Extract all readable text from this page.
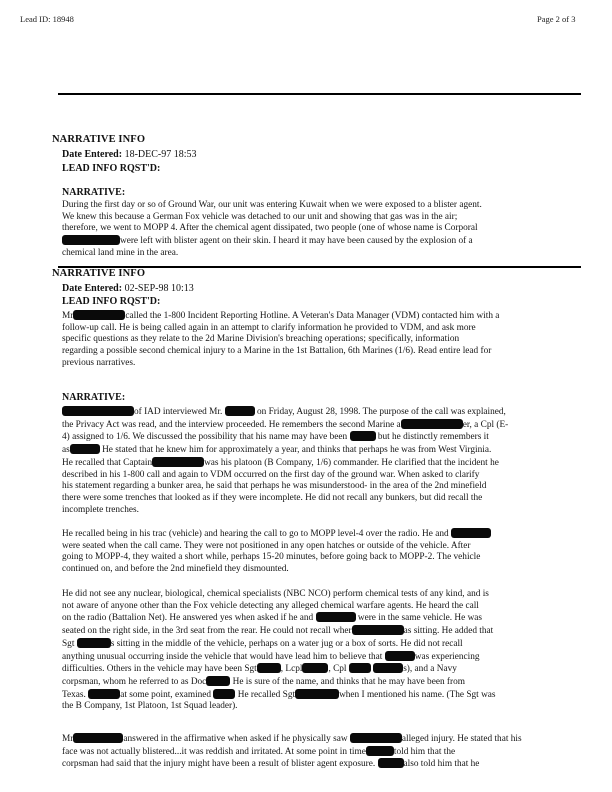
Lead ID: 18948	Page 2 of 3
NARRATIVE INFO
Date Entered: 18-DEC-97 18:53
LEAD INFO RQST'D:
NARRATIVE:

During the first day or so of Ground War, our unit was entering Kuwait when we were exposed to a blister agent.

We knew this because a German Fox vehicle was detached to our unit and showing that gas was in the air;

therefore, we went to MOPP 4. After the chemical agent dissipated, two people (one of whose name is Corporal

were left with blister agent on their skin. I heard it may have been caused by the explosion of a

chemical land mine in the area.

NARRATIVE INFO
Date Entered: 02-SEP-98 10:13
LEAD INFO RQST'D:

Mr	called the 1-800 Incident Reporting Hotline. A Veteran's Data Manager (VDM) contacted him with a

follow-up call. He is being called again in an attempt to clarify information he provided to VDM, and ask more

specific questions as they relate to the 2d Marine Division's breaching operations; specifically, information

regarding a possible second chemical injury to a Marine in the 1st Battalion, 6th Marines (1/6). Read entire lead for

previous narratives.

NARRATIVE:

of IAD interviewed Mr.	on Friday, August 28, 1998. The purpose of the call was explained,

the Privacy Act was read, and the interview proceeded. He remembers the second Marine a	er, a Cpl (E-

4) assigned to 1/6. We discussed the possibility that his name may have been	but he distinctly remembers it

as	He stated that he knew him for approximately a year, and thinks that perhaps he was from West Virginia.

He recalled that Captain	was his platoon (B Company, 1/6) commander. He clarified that the incident he

described in his 1-800 call and again to VDM occurred on the first day of the ground war. When asked to clarify

his statement regarding a bunker area, he said that perhaps he was misunderstood- in the area of the 2nd minefield

there were some trenches that looked as if they were incomplete. He did not recall any bunkers, but did recall the

incomplete trenches.

He recalled being in his trac (vehicle) and hearing the call to go to MOPP level-4 over the radio. He and

were seated when the call came. They were not positioned in any open hatches or outside of the vehicle. After

going to MOPP-4, they waited a short while, perhaps 15-20 minutes, before going back to MOPP-2. The vehicle

continued on, and before the 2nd minefield they dismounted.

He did not see any nuclear, biological, chemical specialists (NBC NCO) perform chemical tests of any kind, and is

not aware of anyone other than the Fox vehicle detecting any alleged chemical warfare agents. He heard the call

on the radio (Battalion Net). He answered yes when asked if he and	were in the same vehicle. He was

seated on the right side, in the 3rd seat from the rear. He could not recall wher	as sitting. He added that

Sgt	s sitting in the middle of the vehicle, perhaps on a water jug or a box of sorts. He did not recall

anything unusual occurring inside the vehicle that would have lead him to believe that	was experiencing

difficulties. Others in the vehicle may have been Sgt	, Lcpl	, Cpl	s), and a Navy

corpsman, whom he referred to as Doc	He is sure of the name, and thinks that he may have been from

Texas.	at some point, examined	He recalled Sgt	when I mentioned his name. (The Sgt was

the B Company, 1st Platoon, 1st Squad leader).

Mr	answered in the affirmative when asked if he physically saw	alleged injury. He stated that his

face was not actually blistered...it was reddish and irritated. At some point in time	told him that the

corpsman had said that the injury might have been a result of blister agent exposure.	also told him that he
